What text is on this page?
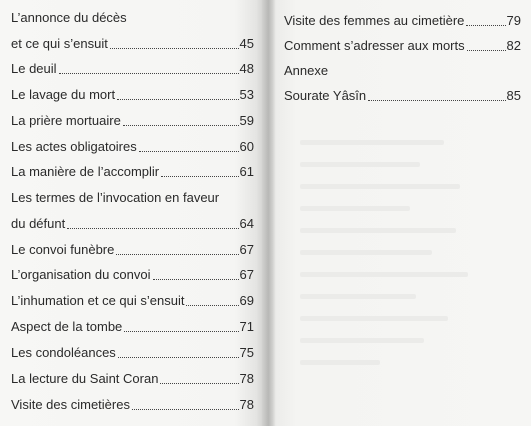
L’annonce du décès
et ce qui s’ensuit	45
Le deuil	48
Le lavage du mort	53
La prière mortuaire	59
Les actes obligatoires	60
La manière de l’accomplir	61
Les termes de l’invocation en faveur
du défunt	64
Le convoi funèbre	67
L’organisation du convoi	67
L’inhumation et ce qui s’ensuit	69
Aspect de la tombe	71
Les condoléances	75
La lecture du Saint Coran	78
Visite des cimetières	78
Visite des femmes au cimetière	79
Comment s’adresser aux morts	82
Annexe
Sourate Yâsîn	85
